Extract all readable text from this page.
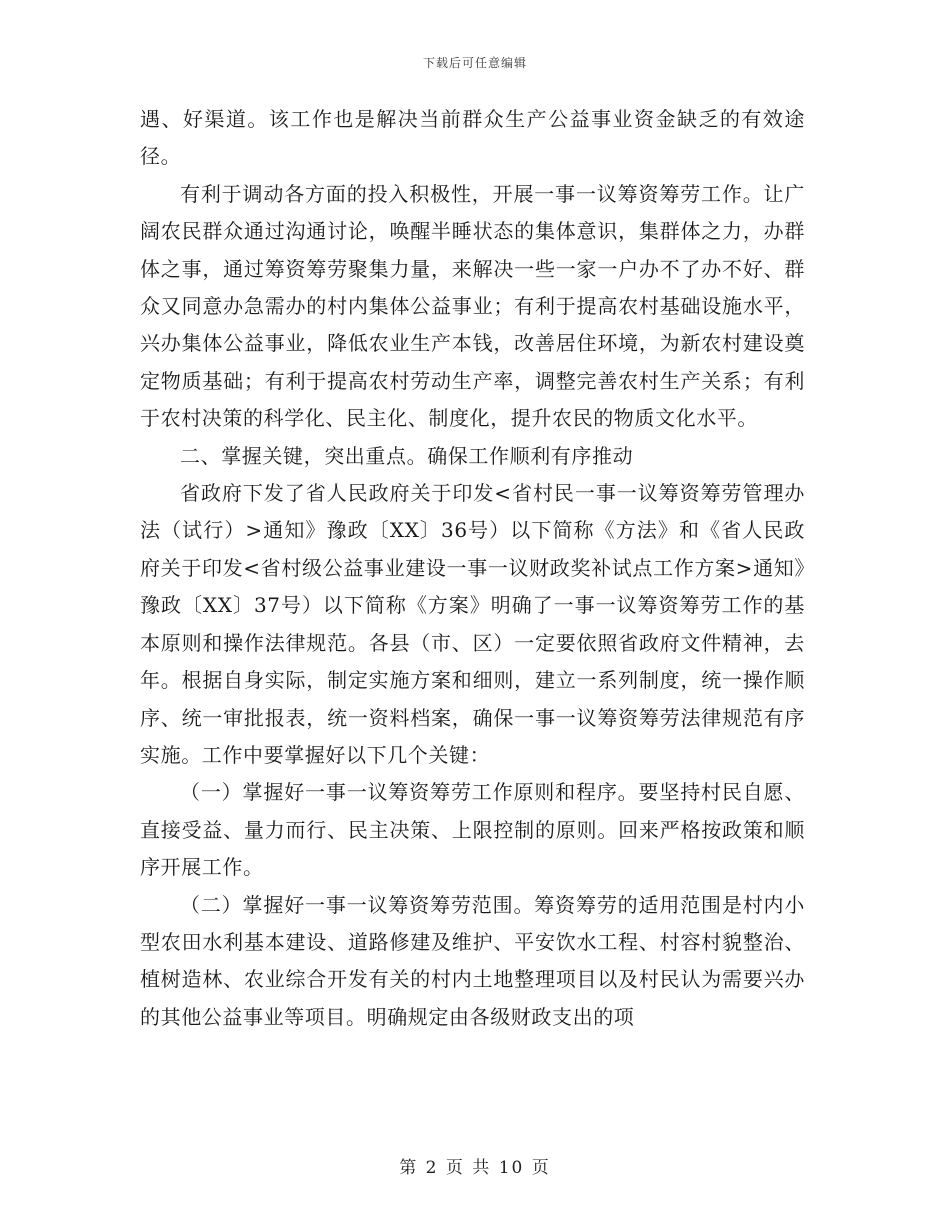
下载后可任意编辑

遇、好渠道。该工作也是解决当前群众生产公益事业资金缺乏的有效途径。

有利于调动各方面的投入积极性，开展一事一议筹资筹劳工作。让广阔农民群众通过沟通讨论，唤醒半睡状态的集体意识，集群体之力，办群体之事，通过筹资筹劳聚集力量，来解决一些一家一户办不了办不好、群众又同意办急需办的村内集体公益事业；有利于提高农村基础设施水平，兴办集体公益事业，降低农业生产本钱，改善居住环境，为新农村建设奠定物质基础；有利于提高农村劳动生产率，调整完善农村生产关系；有利于农村决策的科学化、民主化、制度化，提升农民的物质文化水平。

二、掌握关键，突出重点。确保工作顺利有序推动

省政府下发了省人民政府关于印发<省村民一事一议筹资筹劳管理办法（试行）>通知》豫政〔XX〕36号）以下简称《方法》和《省人民政府关于印发<省村级公益事业建设一事一议财政奖补试点工作方案>通知》豫政〔XX〕37号）以下简称《方案》明确了一事一议筹资筹劳工作的基本原则和操作法律规范。各县（市、区）一定要依照省政府文件精神，去年。根据自身实际，制定实施方案和细则，建立一系列制度，统一操作顺序、统一审批报表，统一资料档案，确保一事一议筹资筹劳法律规范有序实施。工作中要掌握好以下几个关键：

（一）掌握好一事一议筹资筹劳工作原则和程序。要坚持村民自愿、直接受益、量力而行、民主决策、上限控制的原则。回来严格按政策和顺序开展工作。

（二）掌握好一事一议筹资筹劳范围。筹资筹劳的适用范围是村内小型农田水利基本建设、道路修建及维护、平安饮水工程、村容村貌整治、植树造林、农业综合开发有关的村内土地整理项目以及村民认为需要兴办的其他公益事业等项目。明确规定由各级财政支出的项

第 2 页 共 10 页
